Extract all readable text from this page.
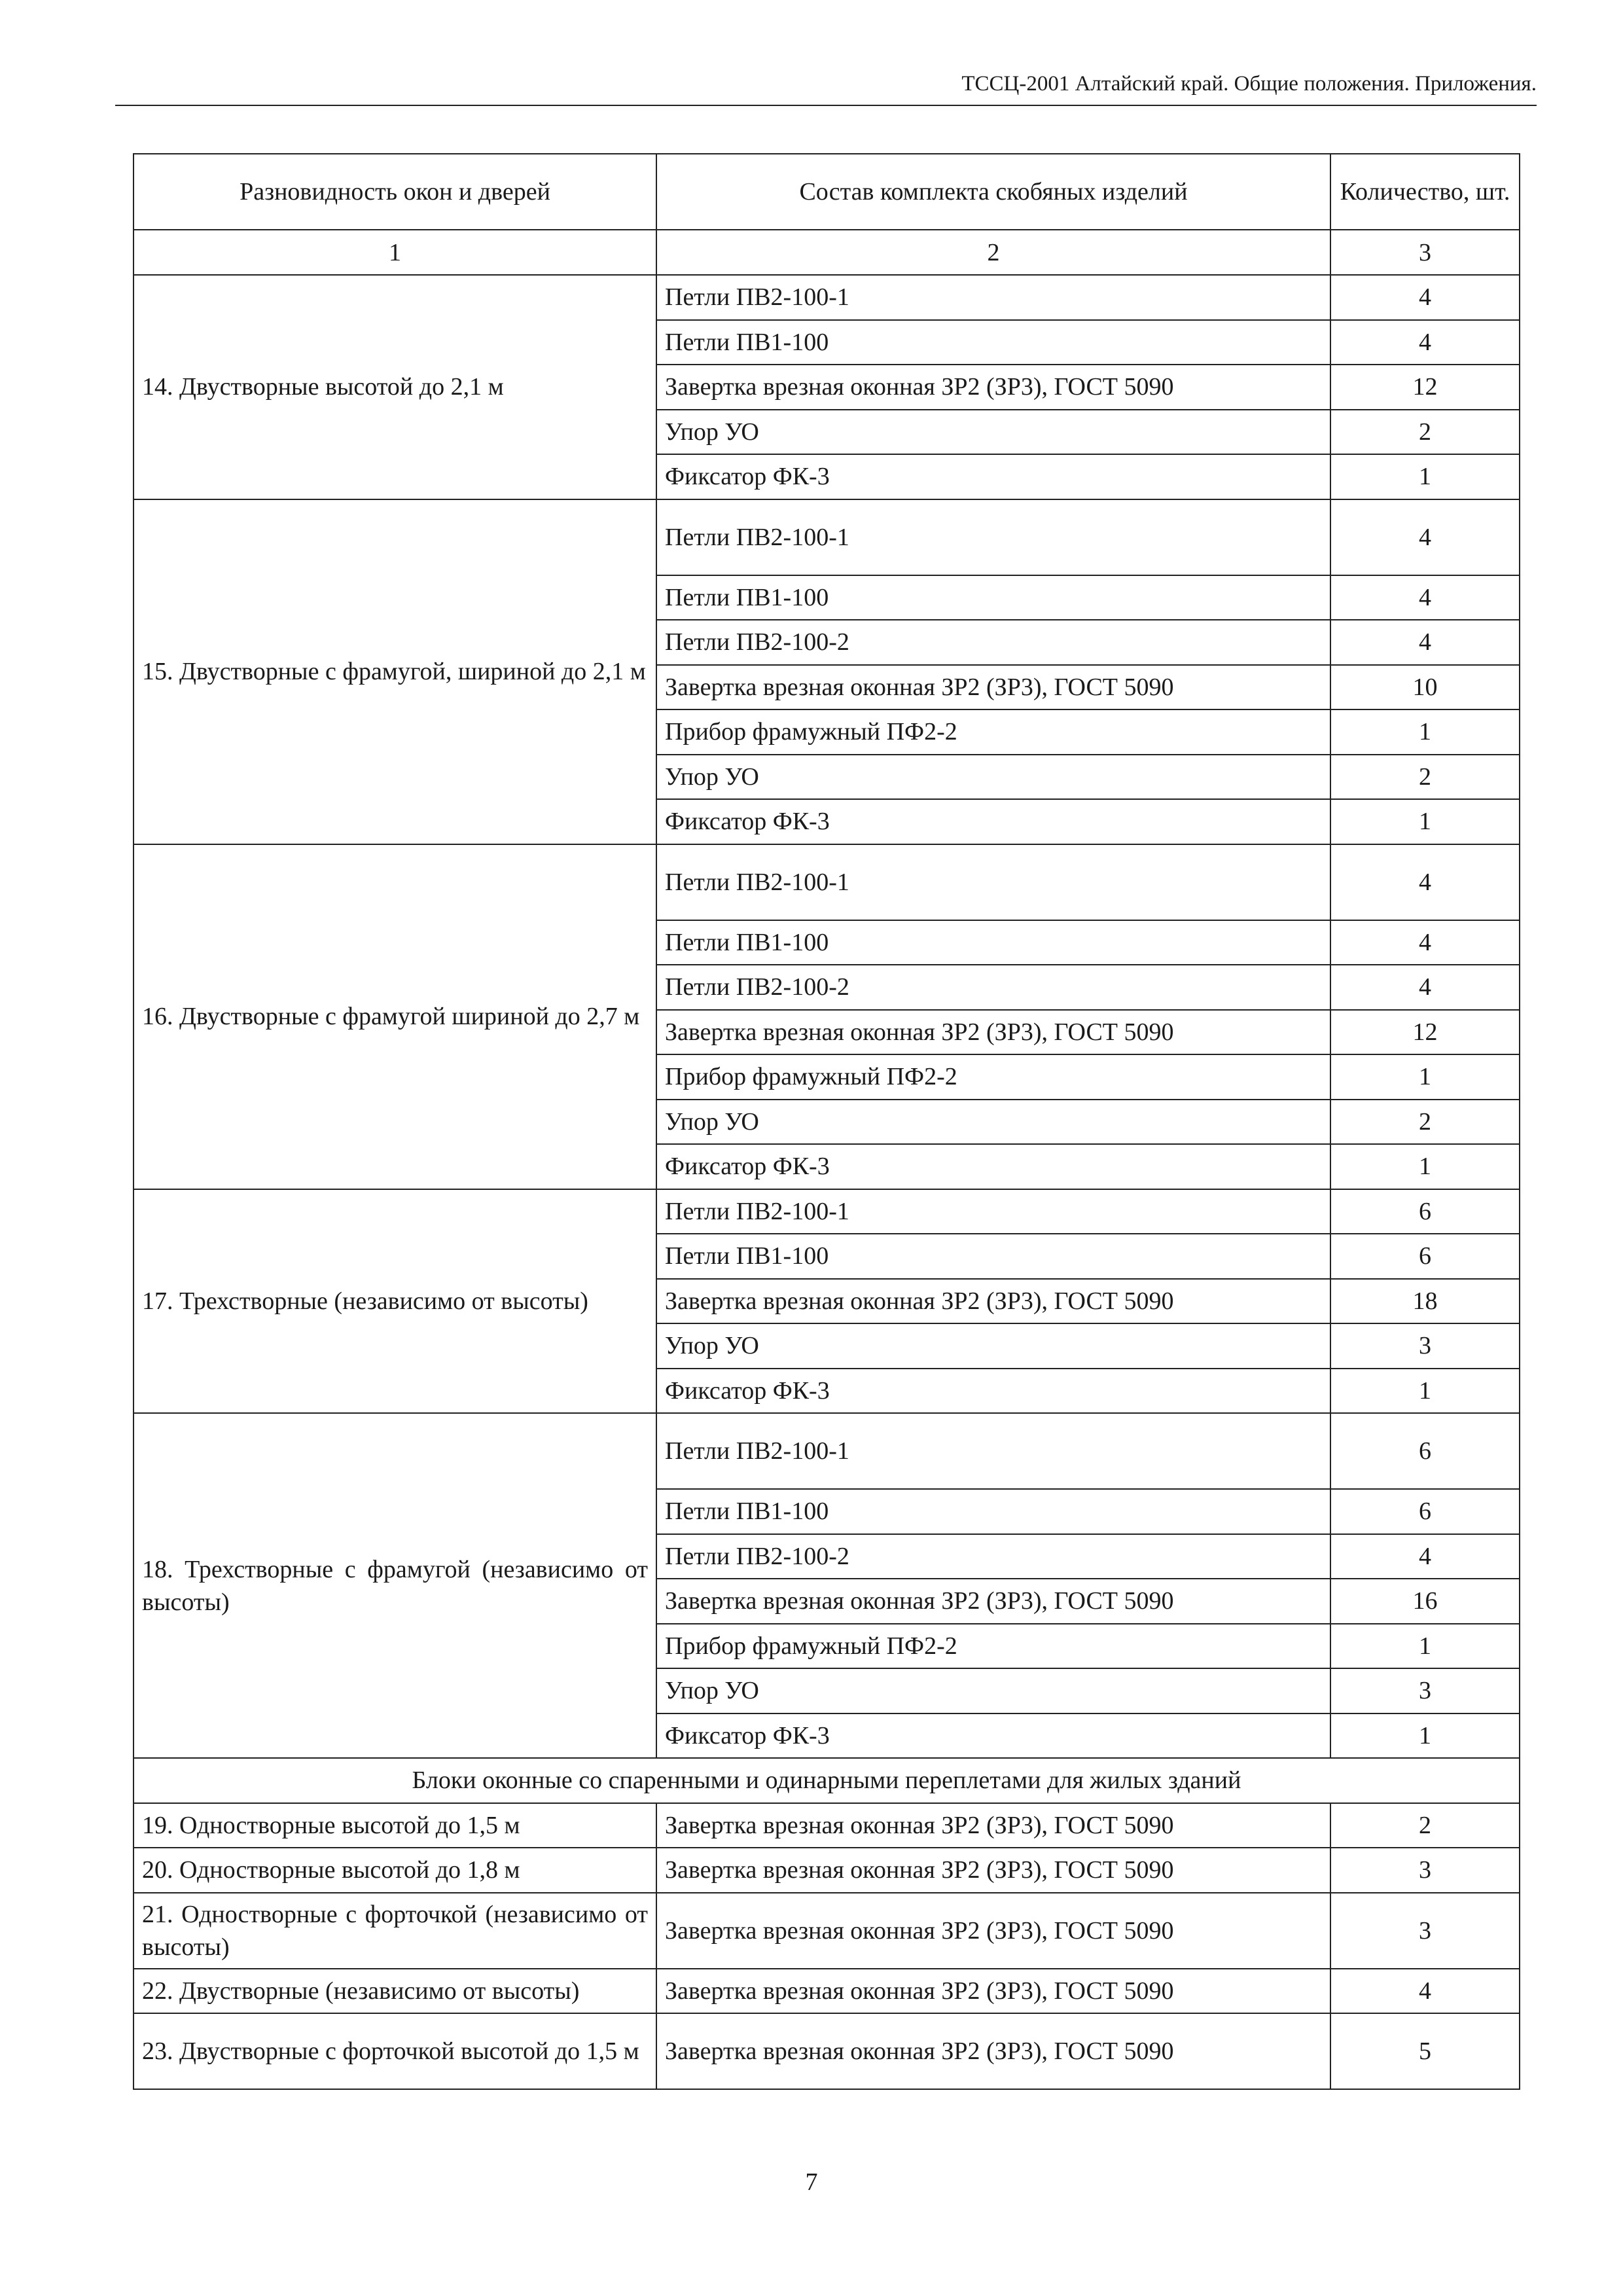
ТССЦ-2001 Алтайский край. Общие положения. Приложения.
Разновидность окон и дверей	Состав комплекта скобяных изделий	Количество, шт.
1	2	3
14. Двустворные высотой до 2,1 м	Петли ПВ2-100-1	4
	Петли ПВ1-100	4
	Завертка врезная оконная ЗР2 (ЗР3), ГОСТ 5090	12
	Упор УО	2
	Фиксатор ФК-3	1
15. Двустворные с фрамугой, шириной до 2,1 м	Петли ПВ2-100-1	4
	Петли ПВ1-100	4
	Петли ПВ2-100-2	4
	Завертка врезная оконная ЗР2 (ЗР3), ГОСТ 5090	10
	Прибор фрамужный ПФ2-2	1
	Упор УО	2
	Фиксатор ФК-3	1
16. Двустворные с фрамугой шириной до 2,7 м	Петли ПВ2-100-1	4
	Петли ПВ1-100	4
	Петли ПВ2-100-2	4
	Завертка врезная оконная ЗР2 (ЗР3), ГОСТ 5090	12
	Прибор фрамужный ПФ2-2	1
	Упор УО	2
	Фиксатор ФК-3	1
17. Трехстворные (независимо от высоты)	Петли ПВ2-100-1	6
	Петли ПВ1-100	6
	Завертка врезная оконная ЗР2 (ЗР3), ГОСТ 5090	18
	Упор УО	3
	Фиксатор ФК-3	1
18. Трехстворные с фрамугой (независимо от высоты)	Петли ПВ2-100-1	6
	Петли ПВ1-100	6
	Петли ПВ2-100-2	4
	Завертка врезная оконная ЗР2 (ЗР3), ГОСТ 5090	16
	Прибор фрамужный ПФ2-2	1
	Упор УО	3
	Фиксатор ФК-3	1
Блоки оконные со спаренными и одинарными переплетами для жилых зданий		
19. Одностворные высотой до 1,5 м	Завертка врезная оконная ЗР2 (ЗР3), ГОСТ 5090	2
20. Одностворные высотой до 1,8 м	Завертка врезная оконная ЗР2 (ЗР3), ГОСТ 5090	3
21. Одностворные с форточкой (независимо от высоты)	Завертка врезная оконная ЗР2 (ЗР3), ГОСТ 5090	3
22. Двустворные (независимо от высоты)	Завертка врезная оконная ЗР2 (ЗР3), ГОСТ 5090	4
23. Двустворные с форточкой высотой до 1,5 м	Завертка врезная оконная ЗР2 (ЗР3), ГОСТ 5090	5
7
